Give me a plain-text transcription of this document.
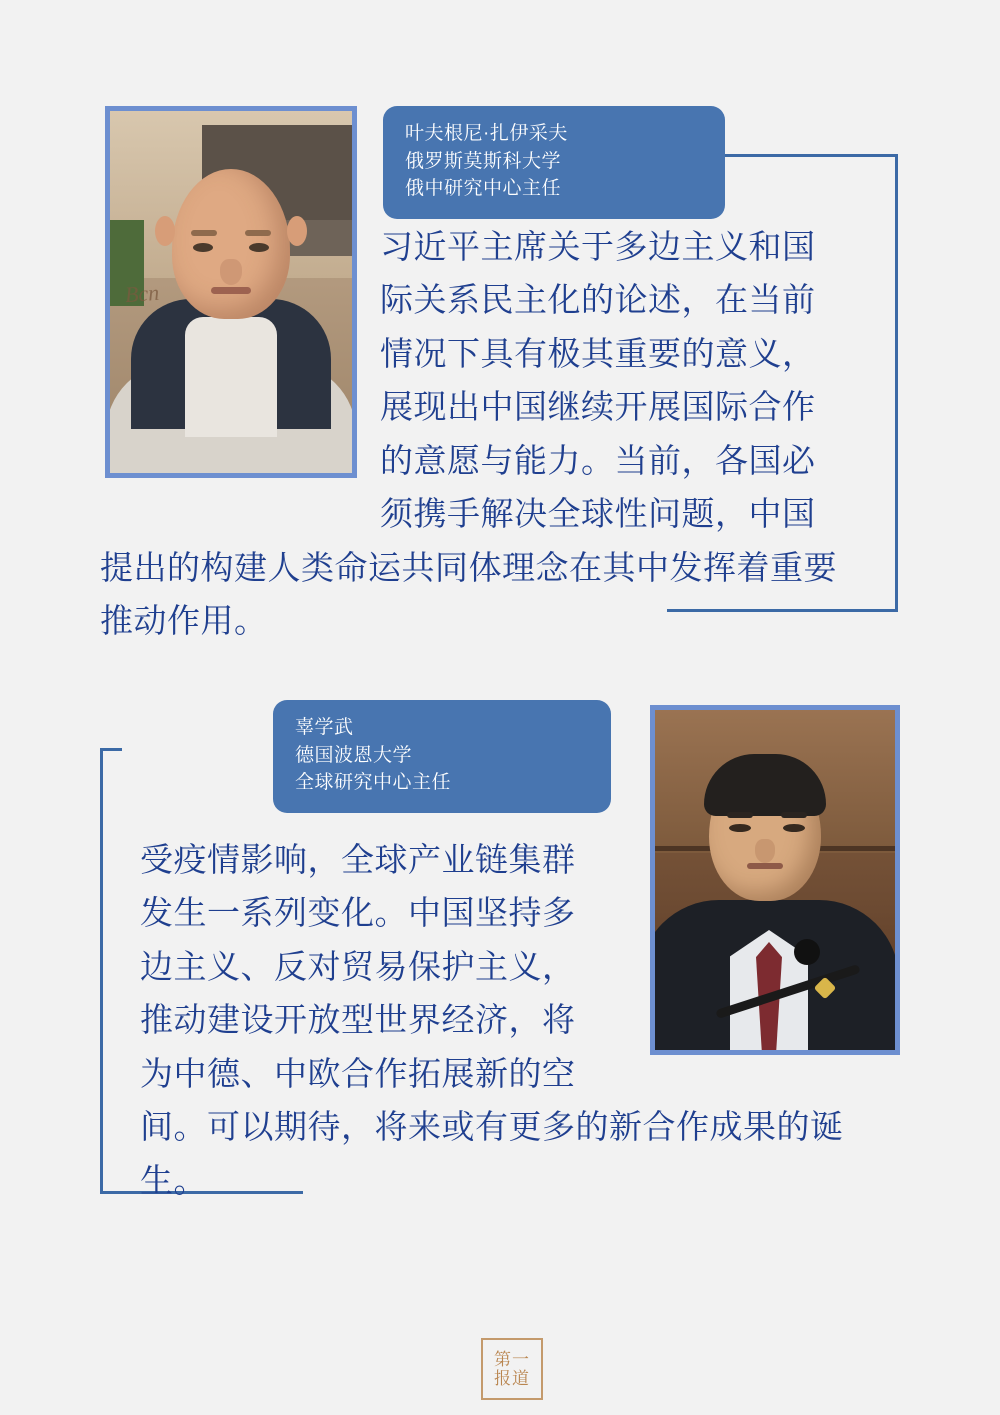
Bcn
叶夫根尼·扎伊采夫
俄罗斯莫斯科大学
俄中研究中心主任
习近平主席关于多边主义和国
际关系民主化的论述，在当前
情况下具有极其重要的意义，
展现出中国继续开展国际合作
的意愿与能力。当前，各国必
须携手解决全球性问题，中国
提出的构建人类命运共同体理念在其中发挥着重要
推动作用。
辜学武
德国波恩大学
全球研究中心主任
受疫情影响，全球产业链集群
发生一系列变化。中国坚持多
边主义、反对贸易保护主义，
推动建设开放型世界经济，将
为中德、中欧合作拓展新的空
间。可以期待，将来或有更多的新合作成果的诞
生。
第一
报道
